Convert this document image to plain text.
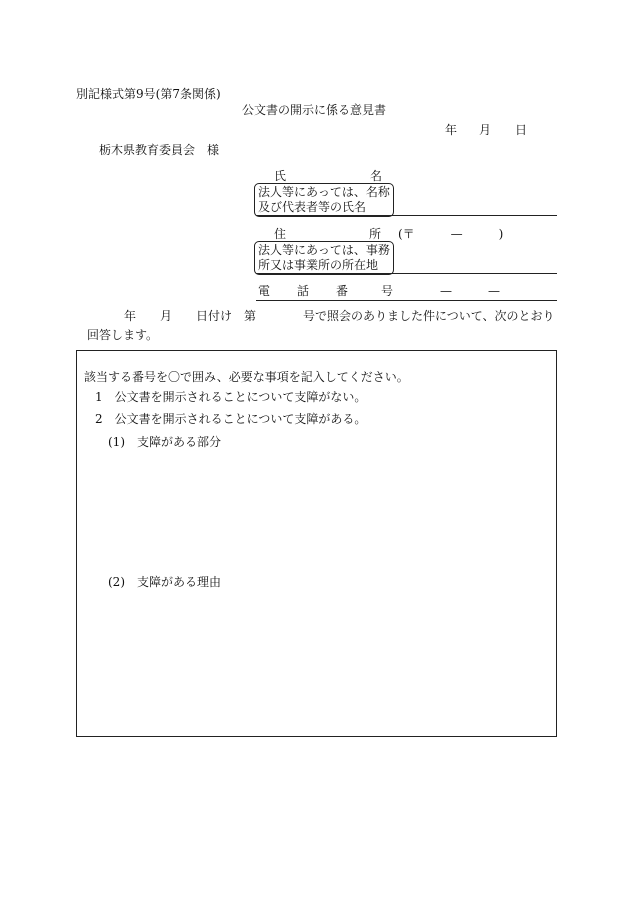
別記様式第9号(第7条関係)
公文書の開示に係る意見書
年 月 日
栃木県教育委員会　様
氏	名
法人等にあっては、名称
及び代表者等の氏名
住	所 (〒　　　—　　　)
法人等にあっては、事務
所又は事業所の所在地
電 話 番	号	—　　　—
年 月 日付け 第	号で照会のありました件について、次のとおり
回答します。
該当する番号を〇で囲み、必要な事項を記入してください。
1　公文書を開示されることについて支障がない。
2　公文書を開示されることについて支障がある。
(1)　支障がある部分
(2)　支障がある理由
